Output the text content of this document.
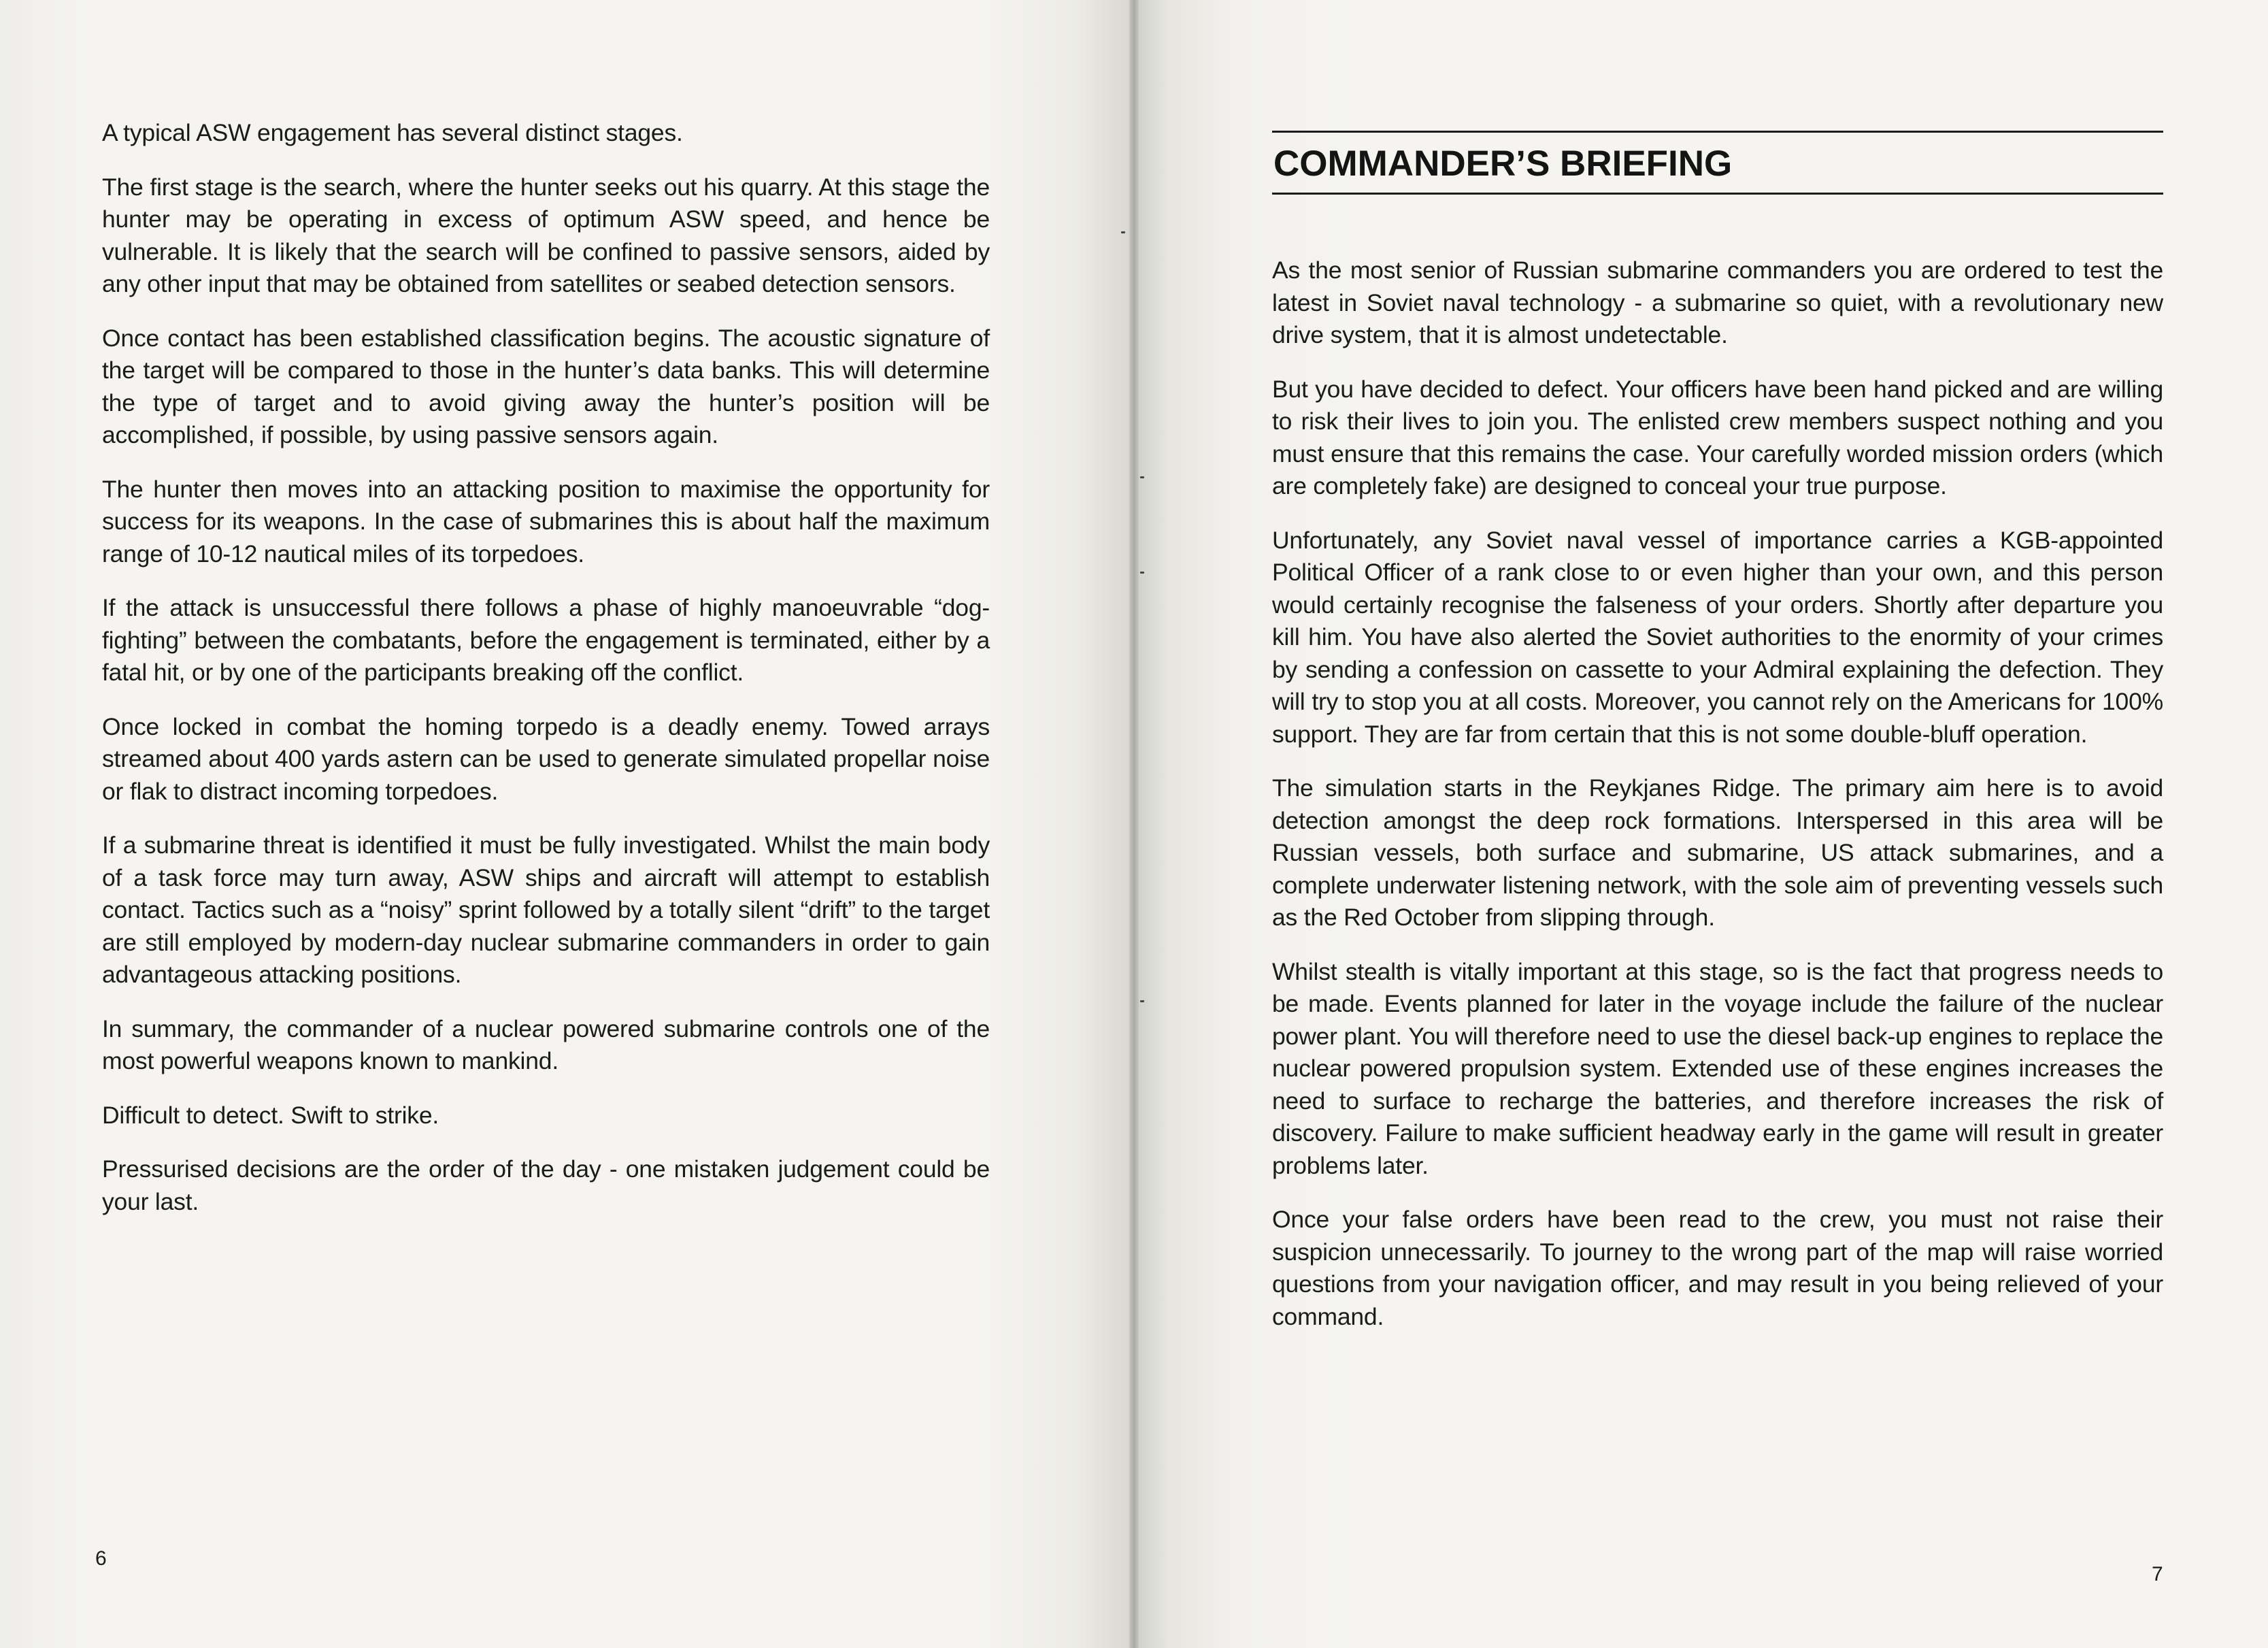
A typical ASW engagement has several distinct stages.

The first stage is the search, where the hunter seeks out his quarry. At this stage the hunter may be operating in excess of optimum ASW speed, and hence be vulnerable. It is likely that the search will be confined to passive sensors, aided by any other input that may be obtained from satellites or seabed detection sensors.

Once contact has been established classification begins. The acoustic signature of the target will be compared to those in the hunter’s data banks. This will determine the type of target and to avoid giving away the hunter’s position will be accomplished, if possible, by using passive sensors again.

The hunter then moves into an attacking position to maximise the opportunity for success for its weapons. In the case of submarines this is about half the maximum range of 10-12 nautical miles of its torpedoes.

If the attack is unsuccessful there follows a phase of highly manoeuvrable “dog-fighting” between the combatants, before the engagement is terminated, either by a fatal hit, or by one of the participants breaking off the conflict.

Once locked in combat the homing torpedo is a deadly enemy. Towed arrays streamed about 400 yards astern can be used to generate simulated propellar noise or flak to distract incoming torpedoes.

If a submarine threat is identified it must be fully investigated. Whilst the main body of a task force may turn away, ASW ships and aircraft will attempt to establish contact. Tactics such as a “noisy” sprint followed by a totally silent “drift” to the target are still employed by modern-day nuclear submarine commanders in order to gain advantageous attacking positions.

In summary, the commander of a nuclear powered submarine controls one of the most powerful weapons known to mankind.

Difficult to detect. Swift to strike.

Pressurised decisions are the order of the day - one mistaken judgement could be your last.

6
COMMANDER’S BRIEFING

As the most senior of Russian submarine commanders you are ordered to test the latest in Soviet naval technology - a submarine so quiet, with a revolutionary new drive system, that it is almost undetectable.

But you have decided to defect. Your officers have been hand picked and are willing to risk their lives to join you. The enlisted crew members suspect nothing and you must ensure that this remains the case. Your carefully worded mission orders (which are completely fake) are designed to conceal your true purpose.

Unfortunately, any Soviet naval vessel of importance carries a KGB-appointed Political Officer of a rank close to or even higher than your own, and this person would certainly recognise the falseness of your orders. Shortly after departure you kill him. You have also alerted the Soviet authorities to the enormity of your crimes by sending a confession on cassette to your Admiral explaining the defection. They will try to stop you at all costs. Moreover, you cannot rely on the Americans for 100% support. They are far from certain that this is not some double-bluff operation.

The simulation starts in the Reykjanes Ridge. The primary aim here is to avoid detection amongst the deep rock formations. Interspersed in this area will be Russian vessels, both surface and submarine, US attack submarines, and a complete underwater listening network, with the sole aim of preventing vessels such as the Red October from slipping through.

Whilst stealth is vitally important at this stage, so is the fact that progress needs to be made. Events planned for later in the voyage include the failure of the nuclear power plant. You will therefore need to use the diesel back-up engines to replace the nuclear powered propulsion system. Extended use of these engines increases the need to surface to recharge the batteries, and therefore increases the risk of discovery. Failure to make sufficient headway early in the game will result in greater problems later.

Once your false orders have been read to the crew, you must not raise their suspicion unnecessarily. To journey to the wrong part of the map will raise worried questions from your navigation officer, and may result in you being relieved of your command.

7
